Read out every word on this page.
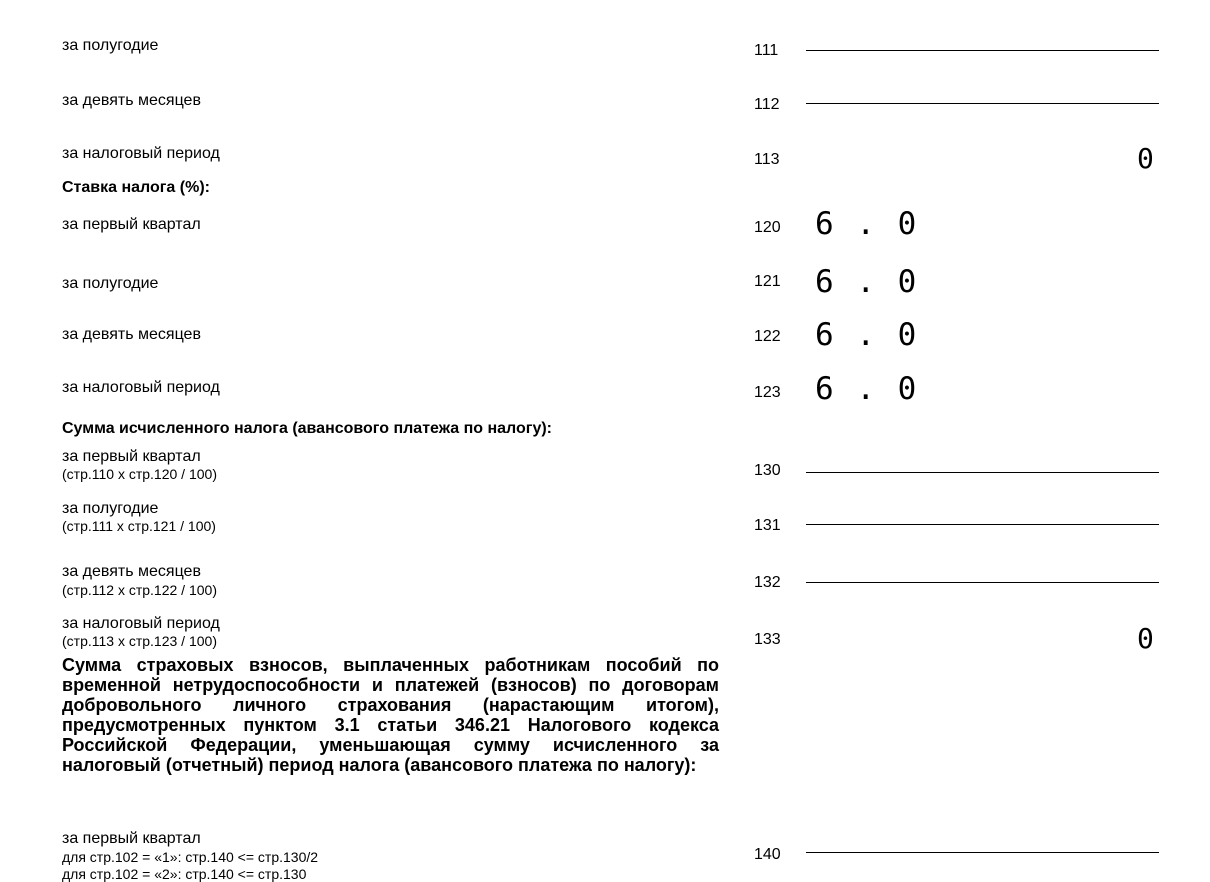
за полугодие	111
за девять месяцев	112
за налоговый период	113	0
Ставка налога (%):
за первый квартал	120 6 . 0
за полугодие	121 6 . 0
за девять месяцев	122 6 . 0
за налоговый период	123 6 . 0
Сумма исчисленного налога (авансового платежа по налогу):
за первый квартал
(стр.110 х стр.120 / 100)	130
за полугодие
(стр.111 х стр.121 / 100)	131
за девять месяцев
(стр.112 х стр.122 / 100)	132
за налоговый период
(стр.113 х стр.123 / 100)	133	0
Сумма страховых взносов, выплаченных работникам пособий по временной нетрудоспособности и платежей (взносов) по договорам добровольного личного страхования (нарастающим итогом), предусмотренных пунктом 3.1 статьи 346.21 Налогового кодекса Российской Федерации, уменьшающая сумму исчисленного за налоговый (отчетный) период налога (авансового платежа по налогу):
за первый квартал
для стр.102 = «1»: стр.140 <= стр.130/2
для стр.102 = «2»: стр.140 <= стр.130
140
